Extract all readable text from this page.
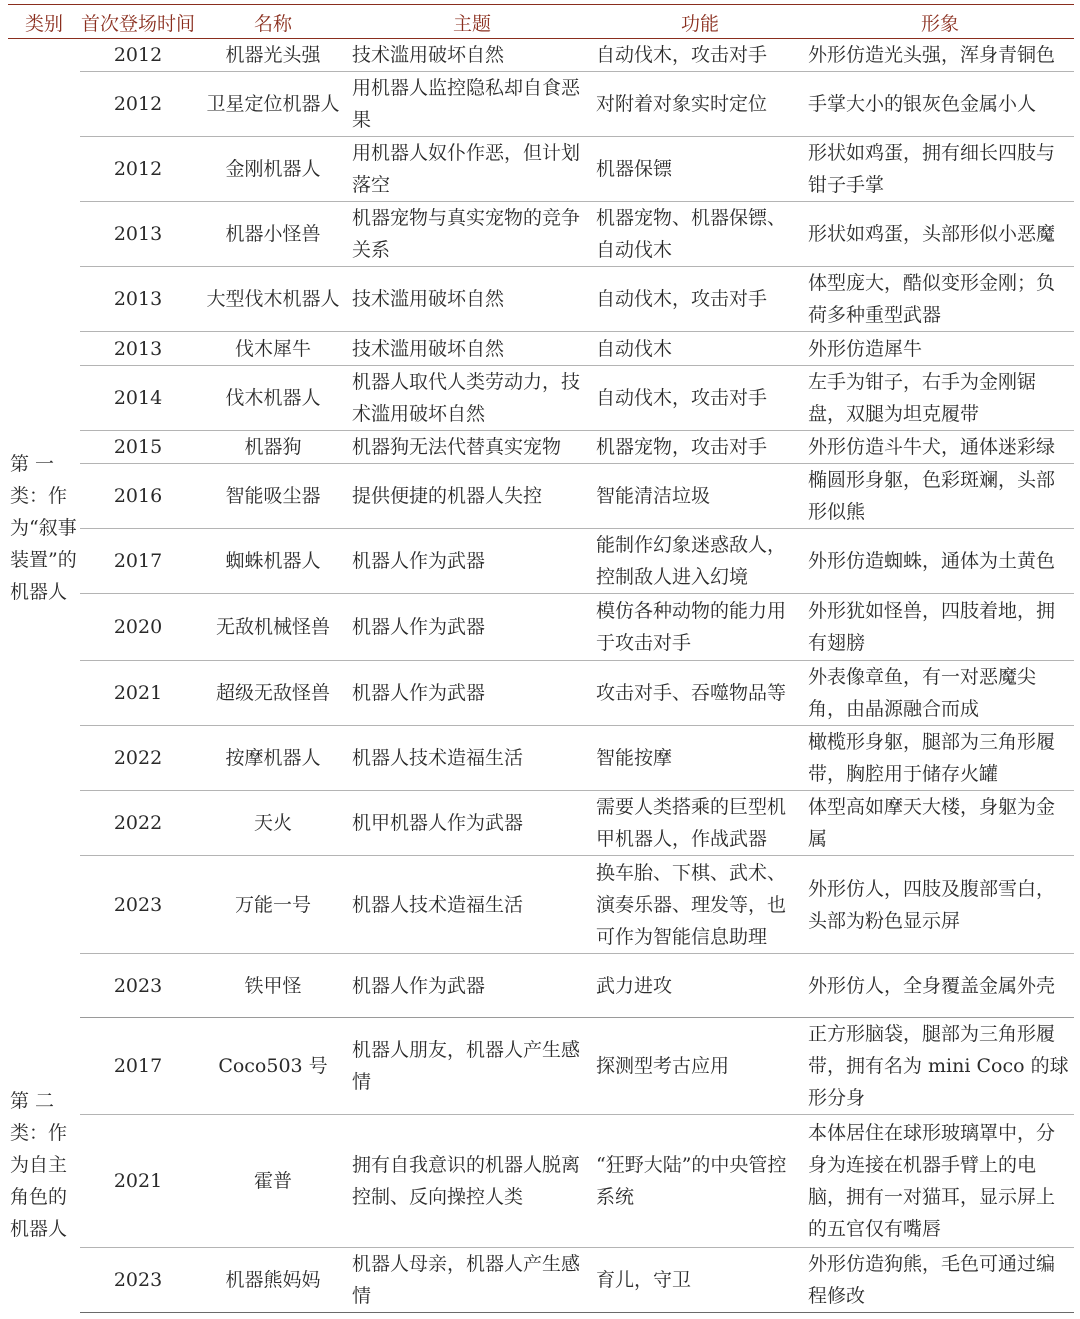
类别	首次登场时间	名称	主题	功能	形象
第 一 类：作为“叙事装置”的机器人	2012	机器光头强	技术滥用破坏自然	自动伐木，攻击对手	外形仿造光头强，浑身青铜色
	2012	卫星定位机器人	用机器人监控隐私却自食恶果	对附着对象实时定位	手掌大小的银灰色金属小人
	2012	金刚机器人	用机器人奴仆作恶，但计划落空	机器保镖	形状如鸡蛋，拥有细长四肢与钳子手掌
	2013	机器小怪兽	机器宠物与真实宠物的竞争关系	机器宠物、机器保镖、自动伐木	形状如鸡蛋，头部形似小恶魔
	2013	大型伐木机器人	技术滥用破坏自然	自动伐木，攻击对手	体型庞大，酷似变形金刚；负荷多种重型武器
	2013	伐木犀牛	技术滥用破坏自然	自动伐木	外形仿造犀牛
	2014	伐木机器人	机器人取代人类劳动力，技术滥用破坏自然	自动伐木，攻击对手	左手为钳子，右手为金刚锯盘，双腿为坦克履带
	2015	机器狗	机器狗无法代替真实宠物	机器宠物，攻击对手	外形仿造斗牛犬，通体迷彩绿
	2016	智能吸尘器	提供便捷的机器人失控	智能清洁垃圾	椭圆形身躯，色彩斑斓，头部形似熊
	2017	蜘蛛机器人	机器人作为武器	能制作幻象迷惑敌人，控制敌人进入幻境	外形仿造蜘蛛，通体为土黄色
	2020	无敌机械怪兽	机器人作为武器	模仿各种动物的能力用于攻击对手	外形犹如怪兽，四肢着地，拥有翅膀
	2021	超级无敌怪兽	机器人作为武器	攻击对手、吞噬物品等	外表像章鱼，有一对恶魔尖角，由晶源融合而成
	2022	按摩机器人	机器人技术造福生活	智能按摩	橄榄形身躯，腿部为三角形履带，胸腔用于储存火罐
	2022	天火	机甲机器人作为武器	需要人类搭乘的巨型机甲机器人，作战武器	体型高如摩天大楼，身躯为金属
	2023	万能一号	机器人技术造福生活	换车胎、下棋、武术、演奏乐器、理发等，也可作为智能信息助理	外形仿人，四肢及腹部雪白，头部为粉色显示屏
	2023	铁甲怪	机器人作为武器	武力进攻	外形仿人，全身覆盖金属外壳
第 二 类：作为自主角色的机器人	2017	Coco503 号	机器人朋友，机器人产生感情	探测型考古应用	正方形脑袋，腿部为三角形履带，拥有名为 mini Coco 的球形分身
	2021	霍普	拥有自我意识的机器人脱离控制、反向操控人类	“狂野大陆”的中央管控系统	本体居住在球形玻璃罩中，分身为连接在机器手臂上的电脑，拥有一对猫耳，显示屏上的五官仅有嘴唇
	2023	机器熊妈妈	机器人母亲，机器人产生感情	育儿，守卫	外形仿造狗熊，毛色可通过编程修改
